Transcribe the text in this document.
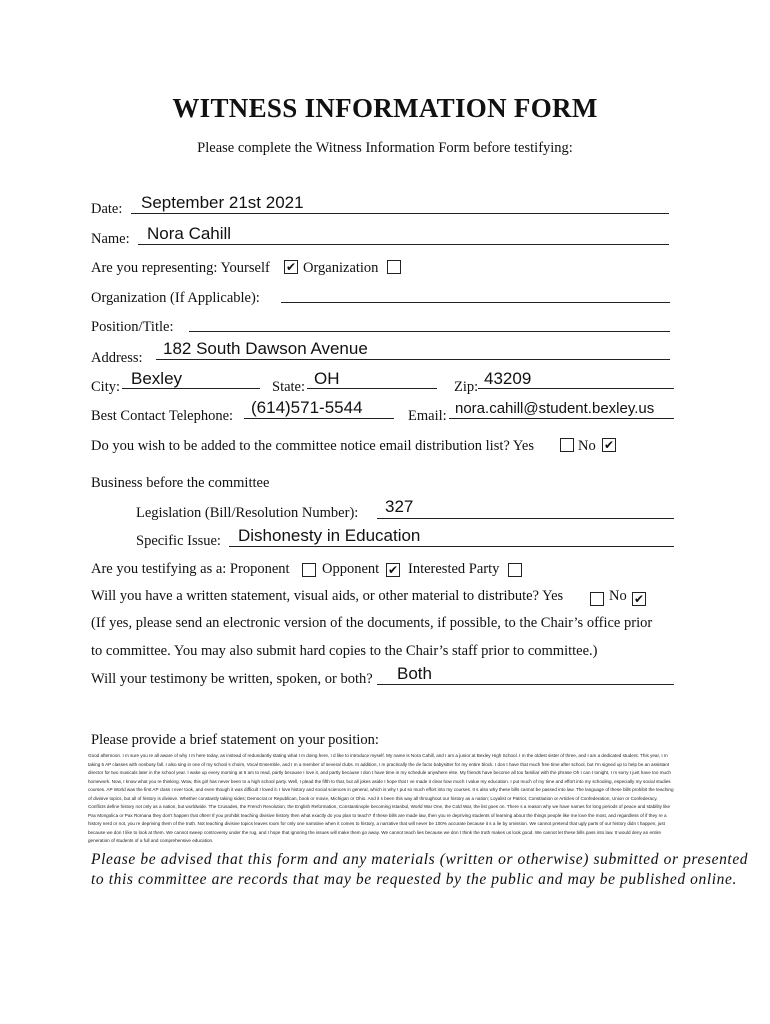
WITNESS INFORMATION FORM
Please complete the Witness Information Form before testifying:
Date: September 21st 2021
Name: Nora Cahill
Are you representing: Yourself ✔ Organization
Organization (If Applicable):
Position/Title:
Address: 182 South Dawson Avenue
City: Bexley	State: OH	Zip: 43209
Best Contact Telephone: (614)571-5544	Email: nora.cahill@student.bexley.us
Do you wish to be added to the committee notice email distribution list? Yes	No ✔
Business before the committee
Legislation (Bill/Resolution Number): 327
Specific Issue: Dishonesty in Education
Are you testifying as a: Proponent Opponent ✔ Interested Party
Will you have a written statement, visual aids, or other material to distribute? Yes	No ✔
(If yes, please send an electronic version of the documents, if possible, to the Chair’s office prior
to committee. You may also submit hard copies to the Chair’s staff prior to committee.)
Will your testimony be written, spoken, or both? Both
Please provide a brief statement on your position:
Good afternoon. I m sure you re all aware of why I m here today, as instead of redundantly stating what I m doing here, I d like to introduce myself. My name is Nora Cahill, and I am a junior at Bexley High School. I m the oldest sister of three, and I am a dedicated student. This year, I m taking 5 AP classes with nonbusy fall. I also sing in one of my school s choirs, Vocal Ensemble, and I m a member of several clubs. In addition, I m practically the de facto babysitter for my entire block. I don t have that much free time after school, but I'm signed up to help be an assistant director for two musicals later in the school year. I wake up every morning at 6 am to read, partly because I love it, and partly because I don t have time in my schedule anywhere else. My friends have become all too familiar with the phrase Oh I can t tonight, I m sorry I just have too much homework. Now, I know what you re thinking. Wow, this girl has never been to a high school party. Well, I plead the fifth to that, but all jokes aside I hope that I ve made it clear how much I value my education. I put much of my time and effort into my schooling, especially my social studies courses. AP World was the first AP class I ever took, and even though it was difficult I loved it. I love history and social sciences in general, which is why I put so much effort into my courses. It s also why these bills cannot be passed into law. The language of these bills prohibit the teaching of divisive topics, but all of history is divisive. Whether constantly taking sides; Democrat or Republican, book or movie, Michigan or Ohio. And it s been this way all throughout our history as a nation; Loyalist or Patriot, Constitution or Articles of Confederation, Union or Confederacy. Conflicts define history not only as a nation, but worldwide. The Crusades, the French Revolution, the English Reformation, Constantinople becoming Istanbul, World War One, the Cold War, the list goes on. There s a reason why we have names for long periods of peace and stability like Pax Mongolica or Pax Romana they don't happen that often! If you prohibit teaching divisive history then what exactly do you plan to teach? If these bills are made law, then you re depriving students of learning about the things people like me love the most, and regardless of if they re a history nerd or not, you re depriving them of the truth. Not teaching divisive topics leaves room for only one narrative when it comes to history, a narrative that will never be 100% accurate because it s a lie by omission. We cannot pretend that ugly parts of our history didn t happen, just because we don t like to look at them. We cannot sweep controversy under the rug, and I hope that ignoring the issues will make them go away. We cannot teach lies because we don t think the truth makes us look good. We cannot let these bills pass into law. It would deny an entire generation of students of a full and comprehensive education.
Please be advised that this form and any materials (written or otherwise) submitted or presented
to this committee are records that may be requested by the public and may be published online.
